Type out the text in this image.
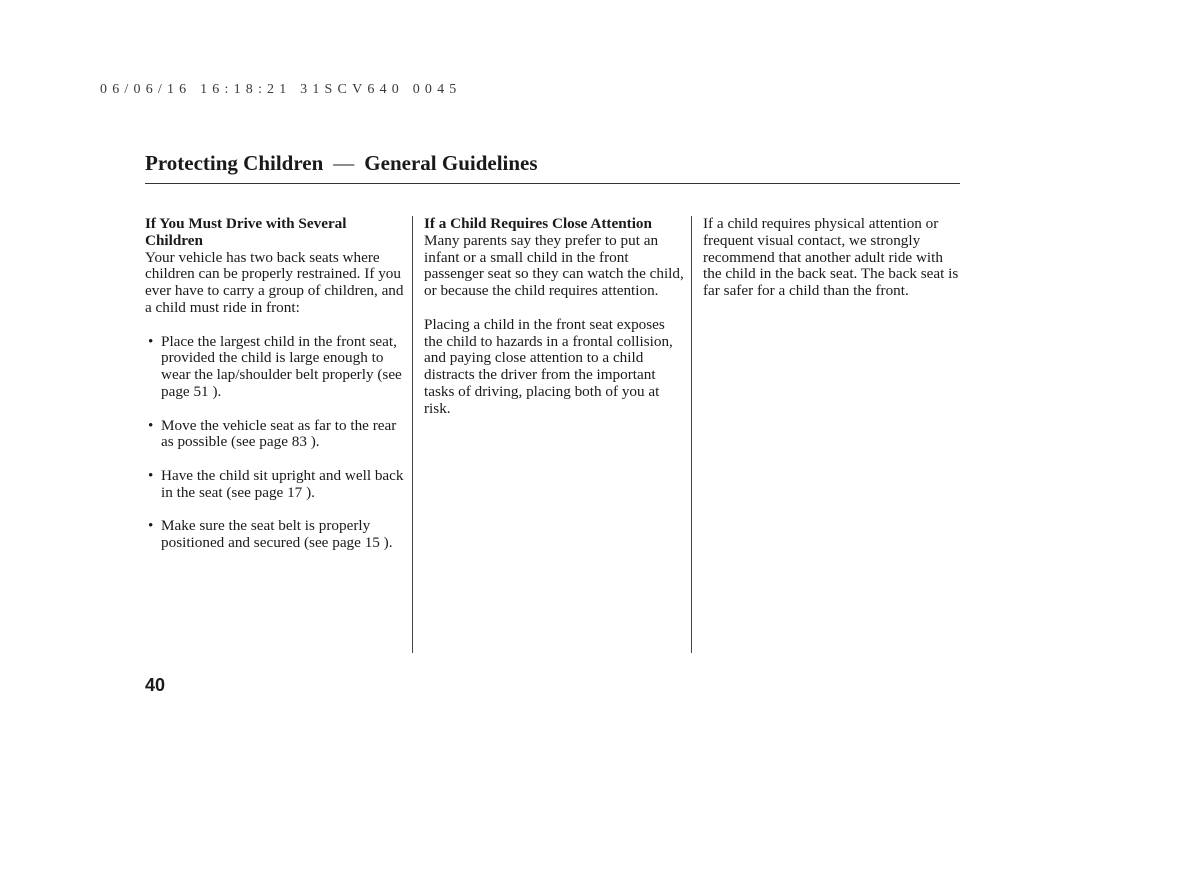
06/06/16 16:18:21 31SCV640 0045
Protecting Children — General Guidelines

If You Must Drive with Several Children

Your vehicle has two back seats where children can be properly restrained. If you ever have to carry a group of children, and a child must ride in front:

• Place the largest child in the front seat, provided the child is large enough to wear the lap/shoulder belt properly (see page 51 ).

• Move the vehicle seat as far to the rear as possible (see page 83 ).

• Have the child sit upright and well back in the seat (see page 17 ).

• Make sure the seat belt is properly positioned and secured (see page 15 ).

If a Child Requires Close Attention

Many parents say they prefer to put an infant or a small child in the front passenger seat so they can watch the child, or because the child requires attention.

Placing a child in the front seat exposes the child to hazards in a frontal collision, and paying close attention to a child distracts the driver from the important tasks of driving, placing both of you at risk.

If a child requires physical attention or frequent visual contact, we strongly recommend that another adult ride with the child in the back seat. The back seat is far safer for a child than the front.

40
